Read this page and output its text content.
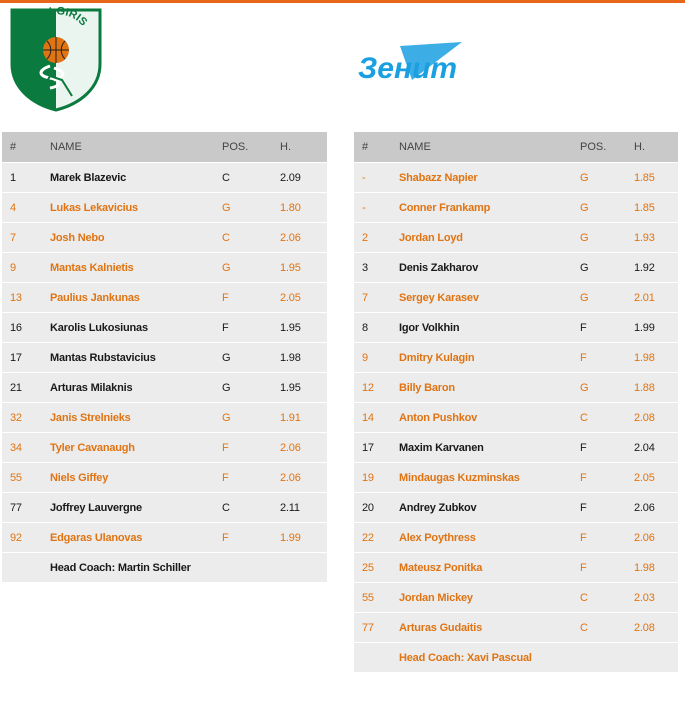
BC ŽALGIRIS
Зенит
#	NAME	POS.	H.
1	Marek Blazevic	C	2.09
4	Lukas Lekavicius	G	1.80
7	Josh Nebo	C	2.06
9	Mantas Kalnietis	G	1.95
13	Paulius Jankunas	F	2.05
16	Karolis Lukosiunas	F	1.95
17	Mantas Rubstavicius	G	1.98
21	Arturas Milaknis	G	1.95
32	Janis Strelnieks	G	1.91
34	Tyler Cavanaugh	F	2.06
55	Niels Giffey	F	2.06
77	Joffrey Lauvergne	C	2.11
92	Edgaras Ulanovas	F	1.99
	Head Coach: Martin Schiller		
#	NAME	POS.	H.
-	Shabazz Napier	G	1.85
-	Conner Frankamp	G	1.85
2	Jordan Loyd	G	1.93
3	Denis Zakharov	G	1.92
7	Sergey Karasev	G	2.01
8	Igor Volkhin	F	1.99
9	Dmitry Kulagin	F	1.98
12	Billy Baron	G	1.88
14	Anton Pushkov	C	2.08
17	Maxim Karvanen	F	2.04
19	Mindaugas Kuzminskas	F	2.05
20	Andrey Zubkov	F	2.06
22	Alex Poythress	F	2.06
25	Mateusz Ponitka	F	1.98
55	Jordan Mickey	C	2.03
77	Arturas Gudaitis	C	2.08
	Head Coach: Xavi Pascual		
